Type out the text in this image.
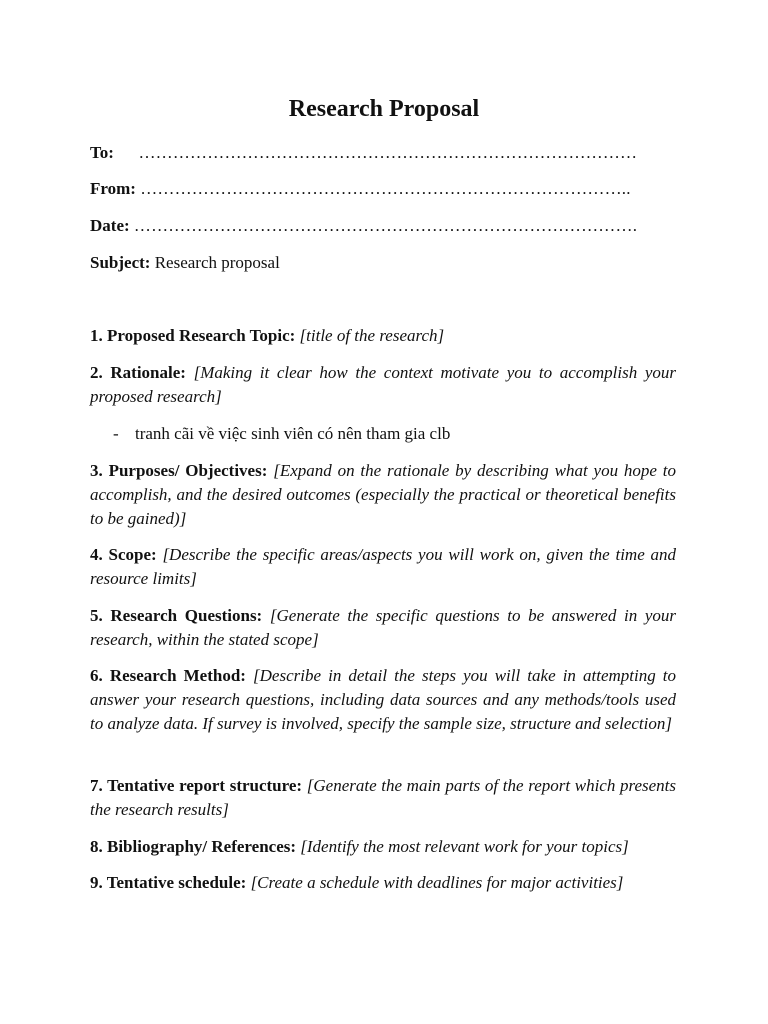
Research Proposal
To: ……………………………………………………………………………
From: …………………………………………………………………………..
Date: …………………………………………………………………………….
Subject: Research proposal
1. Proposed Research Topic: [title of the research]
2. Rationale: [Making it clear how the context motivate you to accomplish your proposed research]
- tranh cãi về việc sinh viên có nên tham gia clb
3. Purposes/ Objectives: [Expand on the rationale by describing what you hope to accomplish, and the desired outcomes (especially the practical or theoretical benefits to be gained)]
4. Scope: [Describe the specific areas/aspects you will work on, given the time and resource limits]
5. Research Questions: [Generate the specific questions to be answered in your research, within the stated scope]
6. Research Method: [Describe in detail the steps you will take in attempting to answer your research questions, including data sources and any methods/tools used to analyze data. If survey is involved, specify the sample size, structure and selection]
7. Tentative report structure: [Generate the main parts of the report which presents the research results]
8. Bibliography/ References: [Identify the most relevant work for your topics]
9. Tentative schedule: [Create a schedule with deadlines for major activities]
